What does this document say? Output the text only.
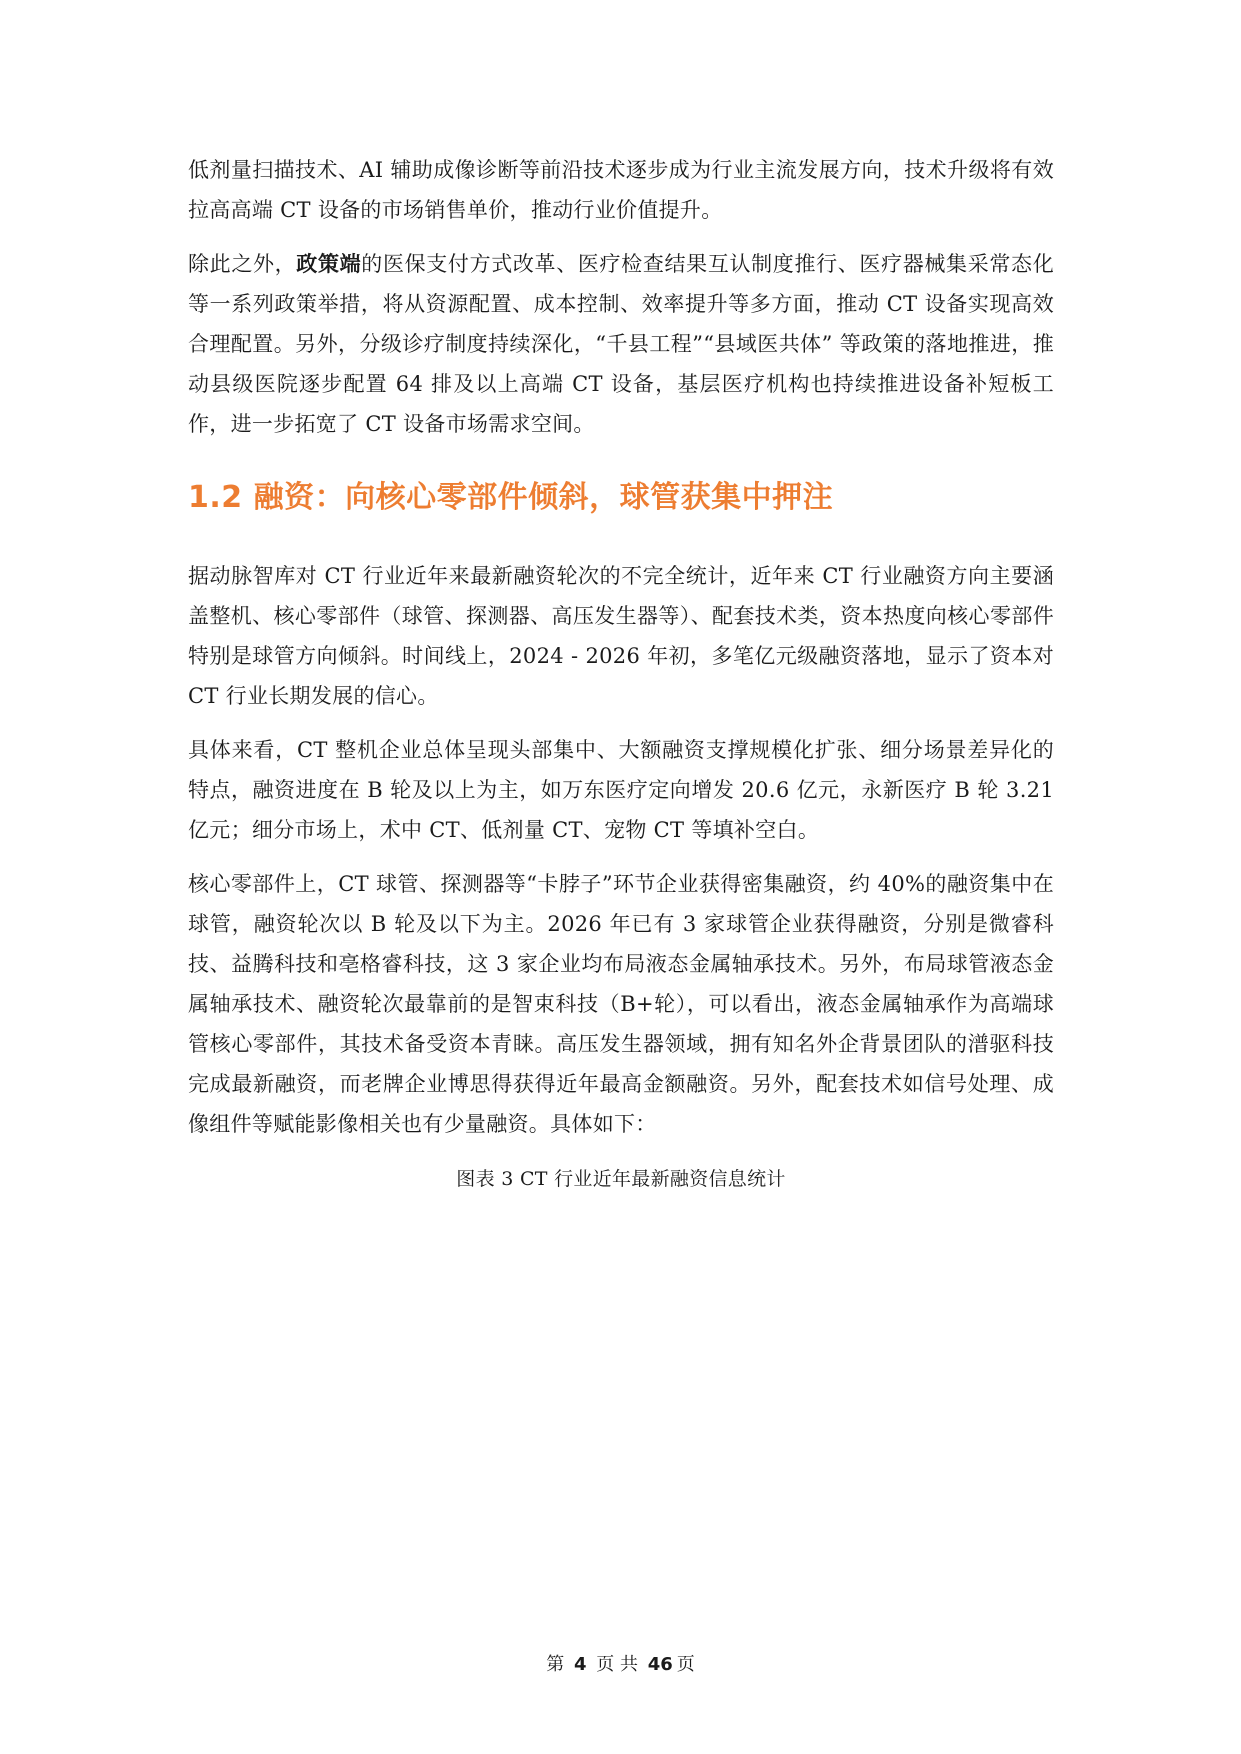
低剂量扫描技术、AI 辅助成像诊断等前沿技术逐步成为行业主流发展方向，技术升级将有效拉高高端 CT 设备的市场销售单价，推动行业价值提升。

除此之外，政策端的医保支付方式改革、医疗检查结果互认制度推行、医疗器械集采常态化等一系列政策举措，将从资源配置、成本控制、效率提升等多方面，推动 CT 设备实现高效合理配置。另外，分级诊疗制度持续深化，“千县工程”“县域医共体” 等政策的落地推进，推动县级医院逐步配置 64 排及以上高端 CT 设备，基层医疗机构也持续推进设备补短板工作，进一步拓宽了 CT 设备市场需求空间。

1.2 融资：向核心零部件倾斜，球管获集中押注

据动脉智库对 CT 行业近年来最新融资轮次的不完全统计，近年来 CT 行业融资方向主要涵盖整机、核心零部件（球管、探测器、高压发生器等）、配套技术类，资本热度向核心零部件特别是球管方向倾斜。时间线上，2024 - 2026 年初，多笔亿元级融资落地，显示了资本对 CT 行业长期发展的信心。

具体来看，CT 整机企业总体呈现头部集中、大额融资支撑规模化扩张、细分场景差异化的特点，融资进度在 B 轮及以上为主，如万东医疗定向增发 20.6 亿元，永新医疗 B 轮 3.21 亿元；细分市场上，术中 CT、低剂量 CT、宠物 CT 等填补空白。

核心零部件上，CT 球管、探测器等“卡脖子”环节企业获得密集融资，约 40%的融资集中在球管，融资轮次以 B 轮及以下为主。2026 年已有 3 家球管企业获得融资，分别是微睿科技、益腾科技和亳格睿科技，这 3 家企业均布局液态金属轴承技术。另外，布局球管液态金属轴承技术、融资轮次最靠前的是智束科技（B+轮），可以看出，液态金属轴承作为高端球管核心零部件，其技术备受资本青睐。高压发生器领域，拥有知名外企背景团队的潽驱科技完成最新融资，而老牌企业博思得获得近年最高金额融资。另外，配套技术如信号处理、成像组件等赋能影像相关也有少量融资。具体如下：

图表 3 CT 行业近年最新融资信息统计
第 4 页 共 46 页
